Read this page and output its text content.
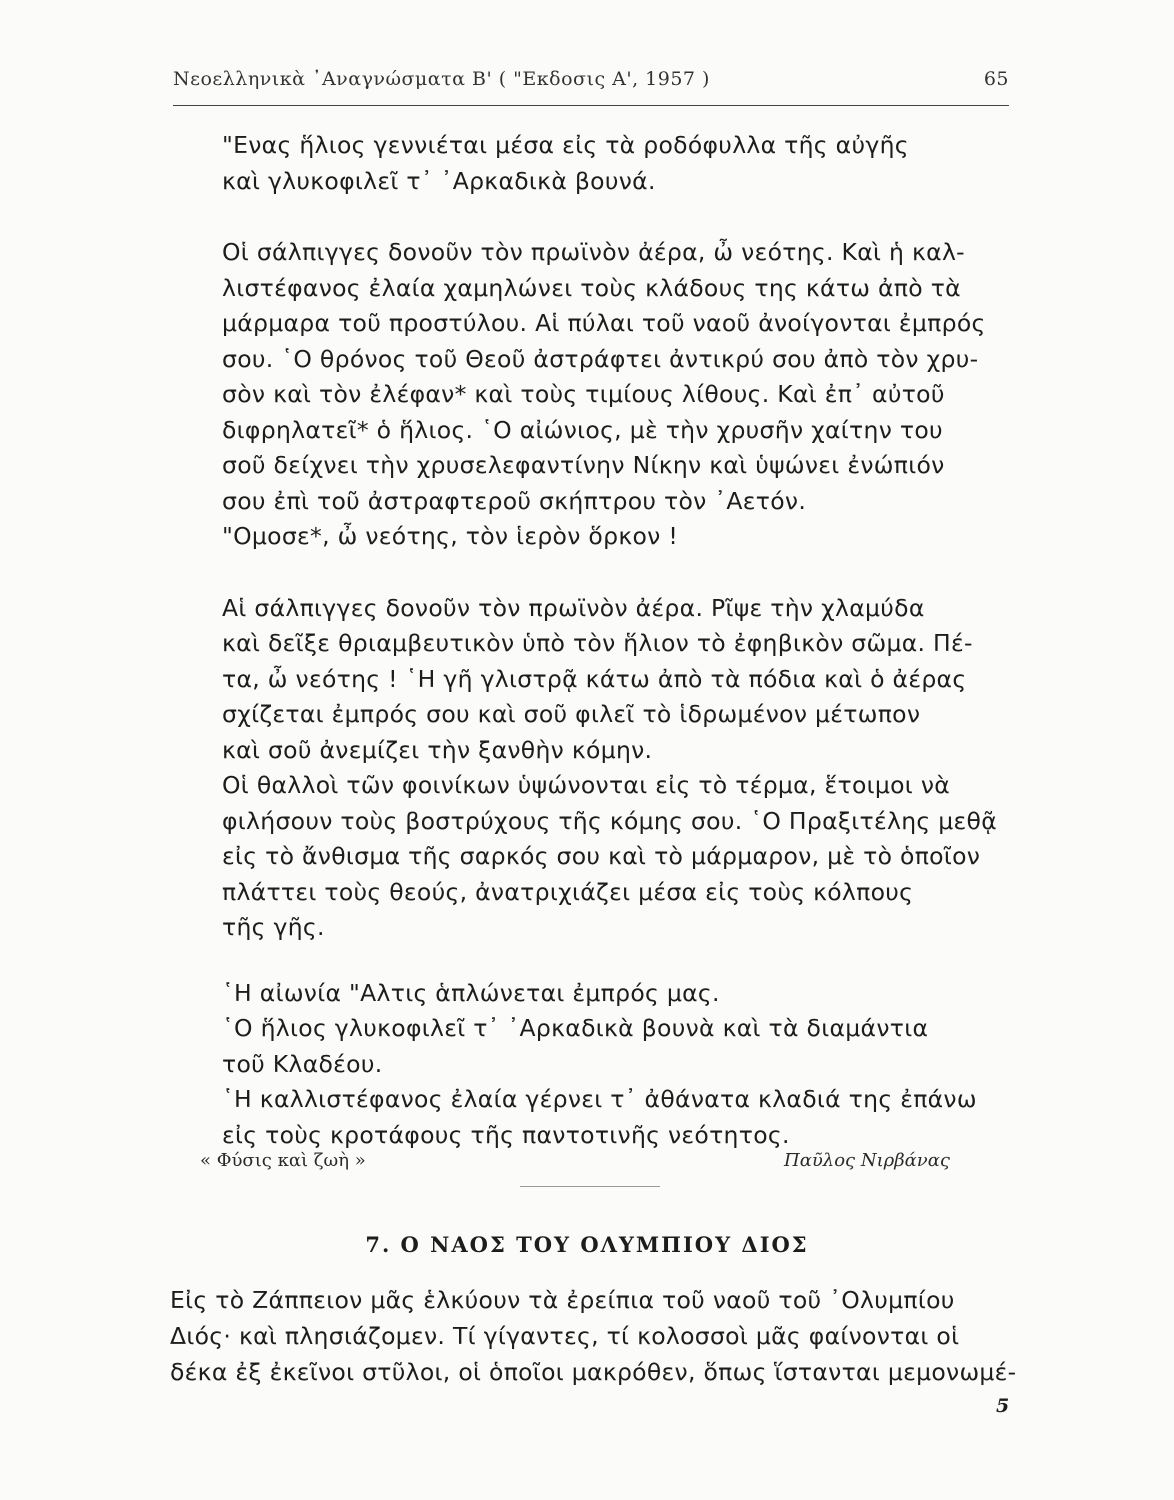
Νεοελληνικὰ ᾿Αναγνώσματα Β' ( "Εκδοσις Α', 1957 )	65
"Ενας ἥλιος γεννιέται μέσα εἰς τὰ ροδόφυλλα τῆς αὐγῆς
καὶ γλυκοφιλεῖ τ᾿ ᾿Αρκαδικὰ βουνά.
Οἱ σάλπιγγες δονοῦν τὸν πρωϊνὸν ἀέρα, ὦ νεότης. Καὶ ἡ καλ-
λιστέφανος ἐλαία χαμηλώνει τοὺς κλάδους της κάτω ἀπὸ τὰ
μάρμαρα τοῦ προστύλου. Αἱ πύλαι τοῦ ναοῦ ἀνοίγονται ἐμπρός
σου. ῾Ο θρόνος τοῦ Θεοῦ ἀστράφτει ἀντικρύ σου ἀπὸ τὸν χρυ-
σὸν καὶ τὸν ἐλέφαν* καὶ τοὺς τιμίους λίθους. Καὶ ἐπ᾿ αὐτοῦ
διφρηλατεῖ* ὁ ἥλιος. ῾Ο αἰώνιος, μὲ τὴν χρυσῆν χαίτην του
σοῦ δείχνει τὴν χρυσελεφαντίνην Νίκην καὶ ὑψώνει ἐνώπιόν
σου ἐπὶ τοῦ ἀστραφτεροῦ σκήπτρου τὸν ᾿Αετόν.
"Ομοσε*, ὦ νεότης, τὸν ἱερὸν ὅρκον !
Αἱ σάλπιγγες δονοῦν τὸν πρωϊνὸν ἀέρα. Ρῖψε τὴν χλαμύδα
καὶ δεῖξε θριαμβευτικὸν ὑπὸ τὸν ἥλιον τὸ ἐφηβικὸν σῶμα. Πέ-
τα, ὦ νεότης ! ῾Η γῆ γλιστρᾷ κάτω ἀπὸ τὰ πόδια καὶ ὁ ἀέρας
σχίζεται ἐμπρός σου καὶ σοῦ φιλεῖ τὸ ἱδρωμένον μέτωπον
καὶ σοῦ ἀνεμίζει τὴν ξανθὴν κόμην.
Οἱ θαλλοὶ τῶν φοινίκων ὑψώνονται εἰς τὸ τέρμα, ἕτοιμοι νὰ
φιλήσουν τοὺς βοστρύχους τῆς κόμης σου. ῾Ο Πραξιτέλης μεθᾷ
εἰς τὸ ἄνθισμα τῆς σαρκός σου καὶ τὸ μάρμαρον, μὲ τὸ ὁποῖον
πλάττει τοὺς θεούς, ἀνατριχιάζει μέσα εἰς τοὺς κόλπους
τῆς γῆς.
῾Η αἰωνία "Αλτις ἁπλώνεται ἐμπρός μας.
῾Ο ἥλιος γλυκοφιλεῖ τ᾿ ᾿Αρκαδικὰ βουνὰ καὶ τὰ διαμάντια
τοῦ Κλαδέου.
῾Η καλλιστέφανος ἐλαία γέρνει τ᾿ ἀθάνατα κλαδιά της ἐπάνω
εἰς τοὺς κροτάφους τῆς παντοτινῆς νεότητος.
« Φύσις καὶ ζωὴ »	Παῦλος Νιρβάνας
7. Ο ΝΑΟΣ ΤΟΥ ΟΛΥΜΠΙΟΥ ΔΙΟΣ
Εἰς τὸ Ζάππειον μᾶς ἑλκύουν τὰ ἐρείπια τοῦ ναοῦ τοῦ ᾿Ολυμπίου
Διός· καὶ πλησιάζομεν. Τί γίγαντες, τί κολοσσοὶ μᾶς φαίνονται οἱ
δέκα ἐξ ἐκεῖνοι στῦλοι, οἱ ὁποῖοι μακρόθεν, ὅπως ἵστανται μεμονωμέ-
5
